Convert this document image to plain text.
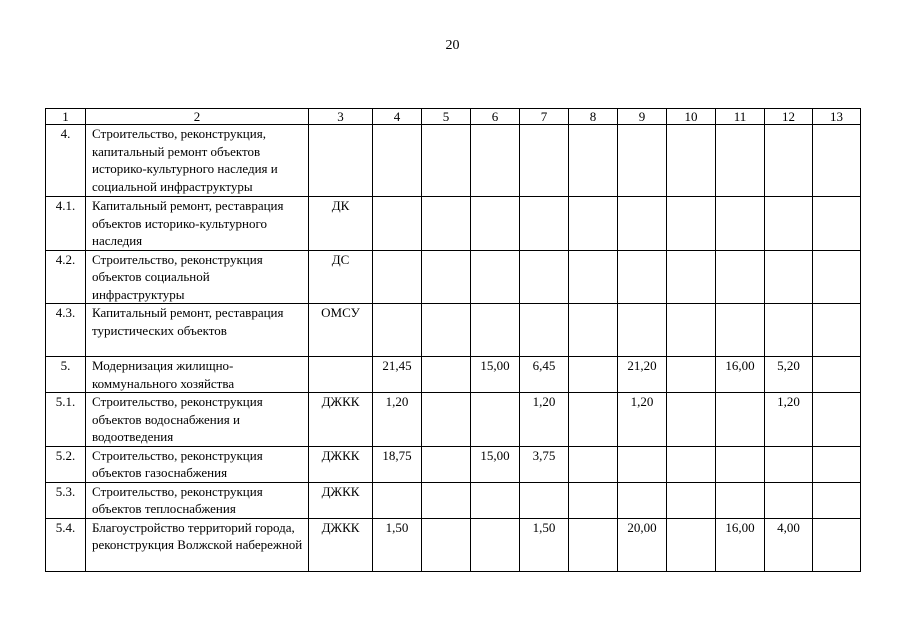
20
1	2	3	4	5	6	7	8	9	10	11	12	13
4.	Строительство, реконструкция, капитальный ремонт объектов историко-культурного наследия и социальной инфраструктуры											
4.1.	Капитальный ремонт, реставрация объектов историко-культурного наследия	ДК										
4.2.	Строительство, реконструкция объектов социальной инфраструктуры	ДС										
4.3.	Капитальный ремонт, реставрация туристических объектов	ОМСУ										
5.	Модернизация жилищно-коммунального хозяйства		21,45		15,00	6,45		21,20		16,00	5,20	
5.1.	Строительство, реконструкция объектов водоснабжения и водоотведения	ДЖКК	1,20			1,20		1,20			1,20	
5.2.	Строительство, реконструкция объектов газоснабжения	ДЖКК	18,75		15,00	3,75						
5.3.	Строительство, реконструкция объектов теплоснабжения	ДЖКК										
5.4.	Благоустройство территорий города, реконструкция Волжской набережной	ДЖКК	1,50			1,50		20,00		16,00	4,00	
